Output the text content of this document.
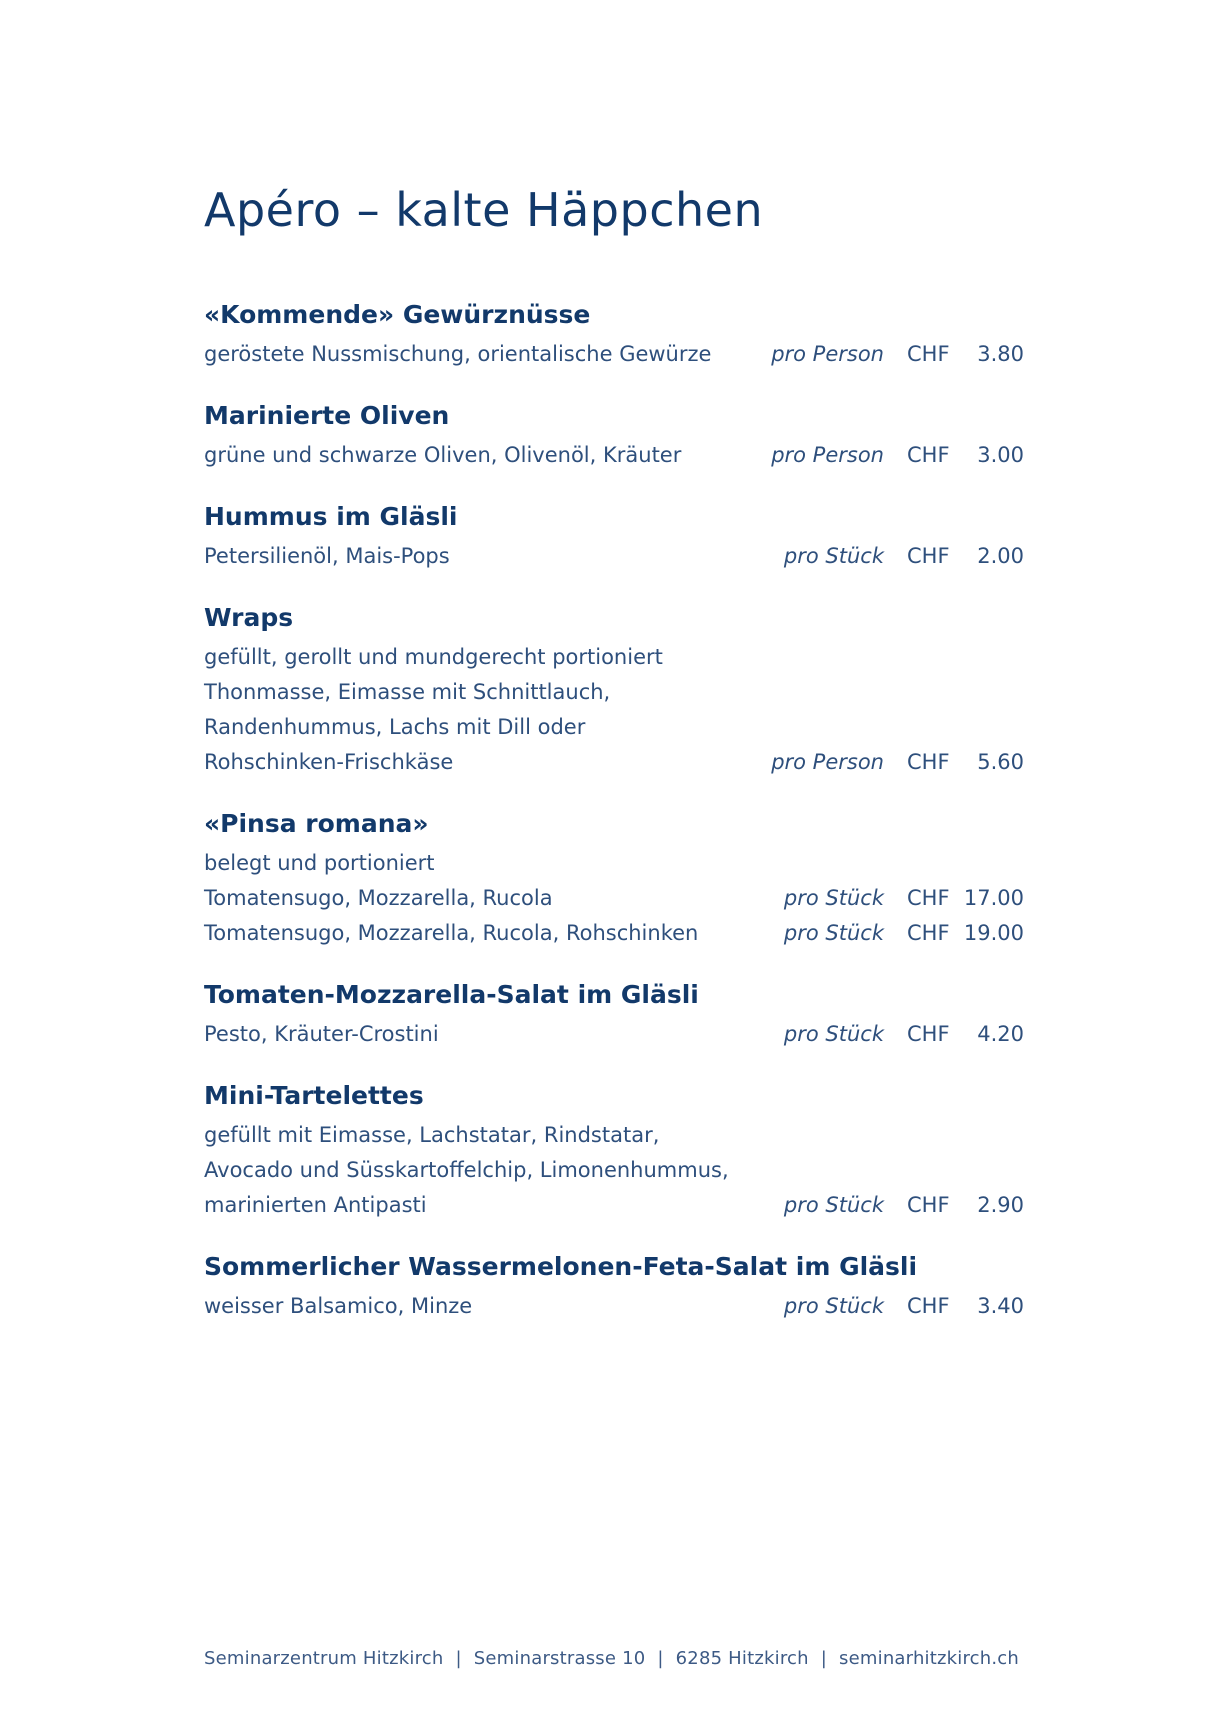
Apéro – kalte Häppchen
«Kommende» Gewürznüsse
geröstete Nussmischung, orientalische Gewürze	pro Person	CHF	3.80
Marinierte Oliven
grüne und schwarze Oliven, Olivenöl, Kräuter	pro Person	CHF	3.00
Hummus im Gläsli
Petersilienöl, Mais-Pops	pro Stück	CHF	2.00
Wraps
gefüllt, gerollt und mundgerecht portioniert
Thonmasse, Eimasse mit Schnittlauch,
Randenhummus, Lachs mit Dill oder
Rohschinken-Frischkäse	pro Person	CHF	5.60
«Pinsa romana»
belegt und portioniert
Tomatensugo, Mozzarella, Rucola	pro Stück	CHF 17.00
Tomatensugo, Mozzarella, Rucola, Rohschinken	pro Stück	CHF 19.00
Tomaten-Mozzarella-Salat im Gläsli
Pesto, Kräuter-Crostini	pro Stück	CHF	4.20
Mini-Tartelettes
gefüllt mit Eimasse, Lachstatar, Rindstatar,
Avocado und Süsskartoffelchip, Limonenhummus,
marinierten Antipasti	pro Stück	CHF	2.90
Sommerlicher Wassermelonen-Feta-Salat im Gläsli
weisser Balsamico, Minze	pro Stück	CHF	3.40
Seminarzentrum Hitzkirch | Seminarstrasse 10 | 6285 Hitzkirch | seminarhitzkirch.ch
